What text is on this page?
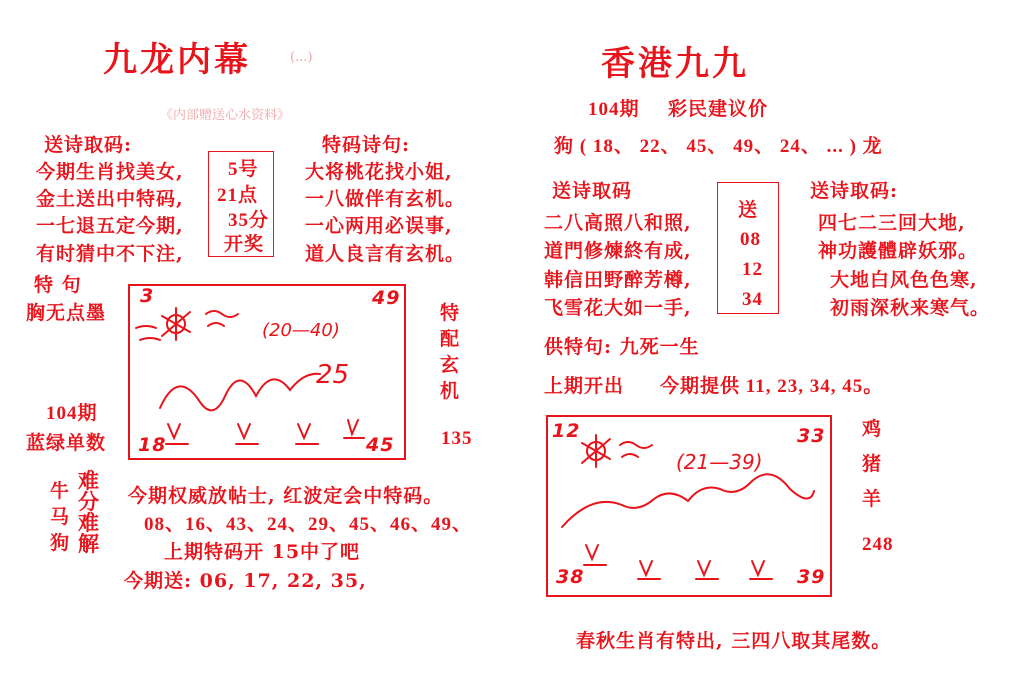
九龙内幕	(...)
《内部赠送心水资料》
送诗取码:	特码诗句:
今期生肖找美女,
金土送出中特码,
一七退五定今期,
有时猜中不下注,
5号
21点
35分
开奖
大将桃花找小姐,
一八做伴有玄机。
一心两用必误事,
道人良言有玄机。
特 句
胸无点墨
104期
蓝绿单数
3	49
18	45
(20—40)
25
特
配
玄
机
135
牛
马
狗
难
分
难
解
今期权威放帖士, 红波定会中特码。
08、16、43、24、29、45、46、49、
上期特码开 15中了吧
今期送: 06, 17, 22, 35,
香港九九
104期 彩民建议价
狗 ( 18、 22、 45、 49、 24、 ... ) 龙
送诗取码	送诗取码:
二八高照八和照,
道門修煉終有成,
韩信田野醉芳樽,
飞雪花大如一手,
送
08
12
34
四七二三回大地,
神功護體辟妖邪。
大地白风色色寒,
初雨深秋来寒气。
供特句: 九死一生
上期开出 今期提供 11, 23, 34, 45。
12	33
38	39
(21—39)
鸡
猪
羊
248
春秋生肖有特出, 三四八取其尾数。
